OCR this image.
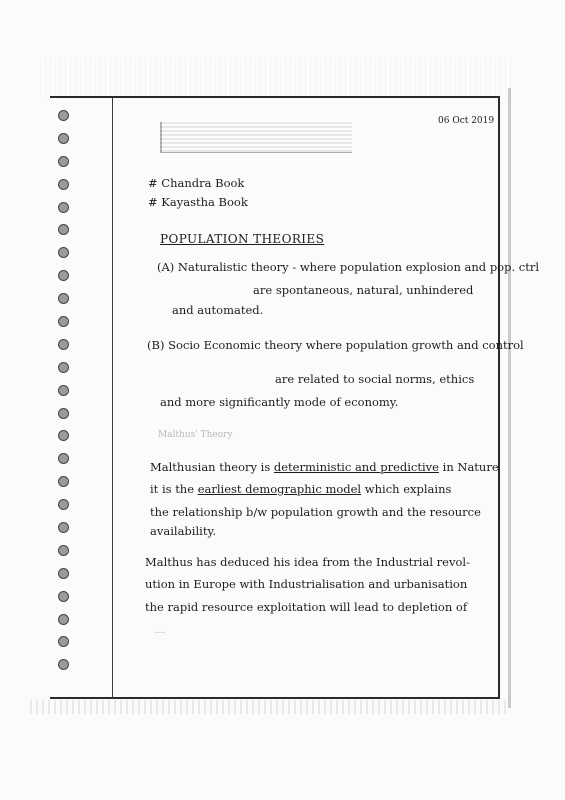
06 Oct 2019
# Chandra Book
# Kayastha Book
POPULATION THEORIES
(A) Naturalistic theory - where population explosion and pop. ctrl
are spontaneous, natural, unhindered
and automated.
(B) Socio Economic theory where population growth and control
are related to social norms, ethics
and more significantly mode of economy.
Malthus' Theory
Malthusian theory is deterministic and predictive in Nature
it is the earliest demographic model which explains
the relationship b/w population growth and the resource
availability.
Malthus has deduced his idea from the Industrial revol-
ution in Europe with Industrialisation and urbanisation
the rapid resource exploitation will lead to depletion of
....
